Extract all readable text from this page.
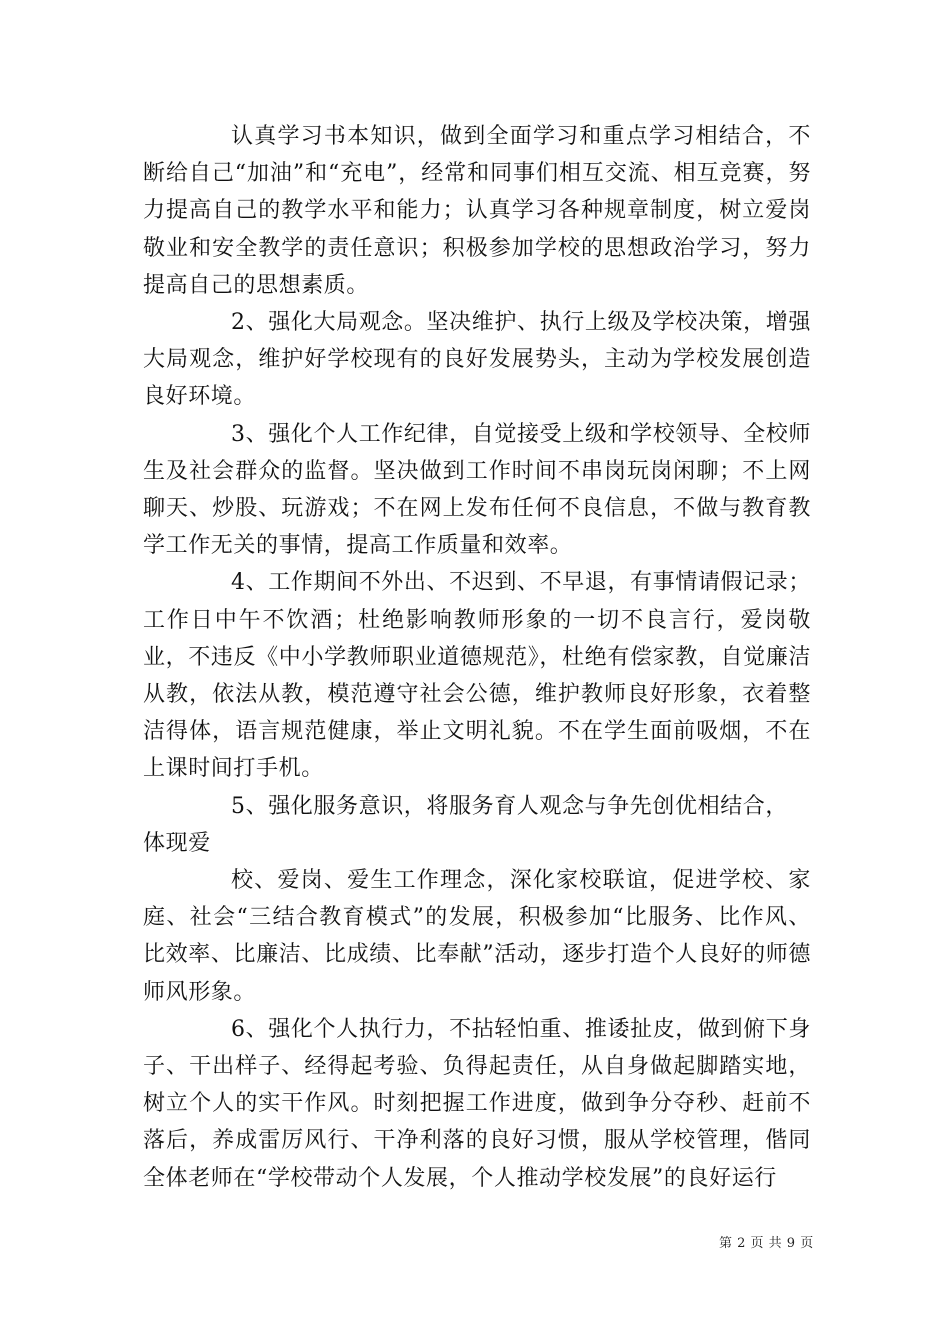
认真学习书本知识，做到全面学习和重点学习相结合，不断给自己“加油”和“充电”，经常和同事们相互交流、相互竞赛，努力提高自己的教学水平和能力；认真学习各种规章制度，树立爱岗敬业和安全教学的责任意识；积极参加学校的思想政治学习，努力提高自己的思想素质。

2、强化大局观念。坚决维护、执行上级及学校决策，增强大局观念，维护好学校现有的良好发展势头，主动为学校发展创造良好环境。

3、强化个人工作纪律，自觉接受上级和学校领导、全校师生及社会群众的监督。坚决做到工作时间不串岗玩岗闲聊；不上网聊天、炒股、玩游戏；不在网上发布任何不良信息，不做与教育教学工作无关的事情，提高工作质量和效率。

4、工作期间不外出、不迟到、不早退，有事情请假记录；工作日中午不饮酒；杜绝影响教师形象的一切不良言行，爱岗敬业，不违反《中小学教师职业道德规范》，杜绝有偿家教，自觉廉洁从教，依法从教，模范遵守社会公德，维护教师良好形象，衣着整洁得体，语言规范健康，举止文明礼貌。不在学生面前吸烟，不在上课时间打手机。

5、强化服务意识，将服务育人观念与争先创优相结合，

体现爱

校、爱岗、爱生工作理念，深化家校联谊，促进学校、家庭、社会“三结合教育模式”的发展，积极参加“比服务、比作风、比效率、比廉洁、比成绩、比奉献”活动，逐步打造个人良好的师德师风形象。

6、强化个人执行力，不拈轻怕重、推诿扯皮，做到俯下身子、干出样子、经得起考验、负得起责任，从自身做起脚踏实地，树立个人的实干作风。时刻把握工作进度，做到争分夺秒、赶前不落后，养成雷厉风行、干净利落的良好习惯，服从学校管理，偕同全体老师在“学校带动个人发展，个人推动学校发展”的良好运行

第 2 页 共 9 页
